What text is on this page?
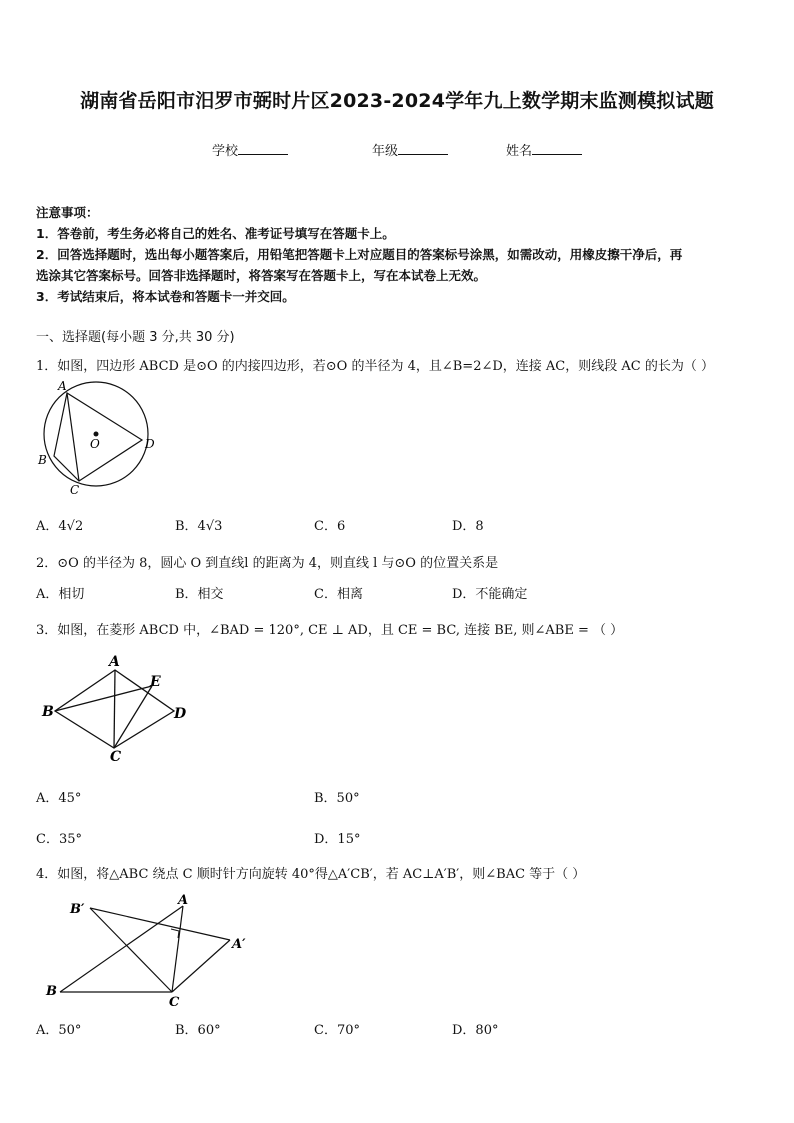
湖南省岳阳市汨罗市弼时片区2023-2024学年九上数学期末监测模拟试题
学校	年级	姓名
注意事项：
1．答卷前，考生务必将自己的姓名、准考证号填写在答题卡上。
2．回答选择题时，选出每小题答案后，用铅笔把答题卡上对应题目的答案标号涂黑，如需改动，用橡皮擦干净后，再
选涂其它答案标号。回答非选择题时，将答案写在答题卡上，写在本试卷上无效。
3．考试结束后，将本试卷和答题卡一并交回。
一、选择题(每小题 3 分,共 30 分)
1．如图，四边形 ABCD 是⊙O 的内接四边形，若⊙O 的半径为 4，且∠B=2∠D，连接 AC，则线段 AC 的长为（ ）
A
B
C
D
O
A．4√2	B．4√3	C．6	D．8
2．⊙O 的半径为 8，圆心 O 到直线l 的距离为 4，则直线 l 与⊙O 的位置关系是
A．相切	B．相交	C．相离	D．不能确定
3．如图，在菱形 ABCD 中，∠BAD = 120°, CE ⊥ AD，且 CE = BC, 连接 BE, 则∠ABE = （ ）
A
B
C
D
E
A．45°	B．50°
C．35°	D．15°
4．如图，将△ABC 绕点 C 顺时针方向旋转 40°得△A′CB′，若 AC⊥A′B′，则∠BAC 等于（ ）
B′
A
A′
B
C
A．50°	B．60°	C．70°	D．80°
